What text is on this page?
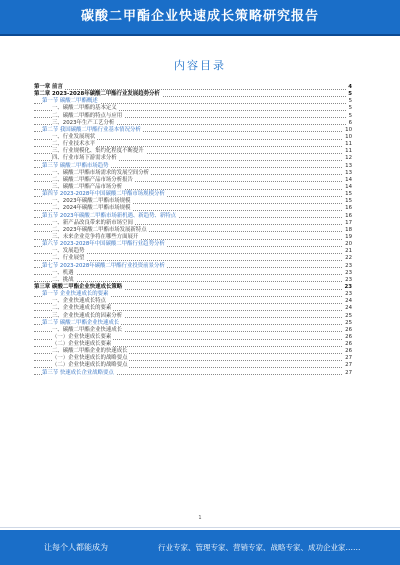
碳酸二甲酯企业快速成长策略研究报告
内容目录
第一章 前言	4
第二章 2023-2028年碳酸二甲酯行业发展趋势分析	5
第一节 碳酸二甲酯概述	5
一、碳酸二甲酯的基本定义	5
二、碳酸二甲酯的特点与应用	5
三、2023年生产工艺分析	6
第二节 我国碳酸二甲酯行业基本情况分析	10
一、行业发展现状	10
二、行业技术水平	11
三、行业规模化、集约化程度不断提升	11
四、行业市场下游需求分析	12
第三节 碳酸二甲酯市场趋势	13
一、碳酸二甲酯市场需求的发展空间分析	13
二、碳酸二甲酯产品市场分析报告	14
三、碳酸二甲酯产品市场分析	14
第四节 2023-2028年中国碳酸二甲酯市场规模分析	15
一、2023年碳酸二甲酯市场规模	15
二、2024年碳酸二甲酯市场规模	16
第五节 2023年碳酸二甲酯市场新机遇、新趋势、新特点	16
一、新产品改良带来的新市场空间	17
二、2023年碳酸二甲酯市场发展新特点	18
三、未来企业竞争将在哪些方面展开	19
第六节 2023-2028年中国碳酸二甲酯行业趋势分析	20
一、发展趋势	21
二、行业展望	22
第七节 2023-2028年碳酸二甲酯行业投资前景分析	23
一、机遇	23
二、挑战	23
第三章 碳酸二甲酯企业快速成长策略	23
第一节 企业快速成长的要素	23
一、企业快速成长特点	24
二、企业快速成长的要素	24
三、企业快速成长的因素分析	25
第二节 碳酸二甲酯企业快速成长	25
一、碳酸二甲酯企业快速成长	26
（一）企业快速成长要素	26
（二）企业快速成长要素	26
二、碳酸二甲酯企业的快速成长	26
（一）企业快速成长的战略要点	27
（二）企业快速成长的战略要点	27
第三节 快速成长企业战略要点	27
1
让每个人都能成为	行业专家、管理专家、营销专家、战略专家、成功企业家……
